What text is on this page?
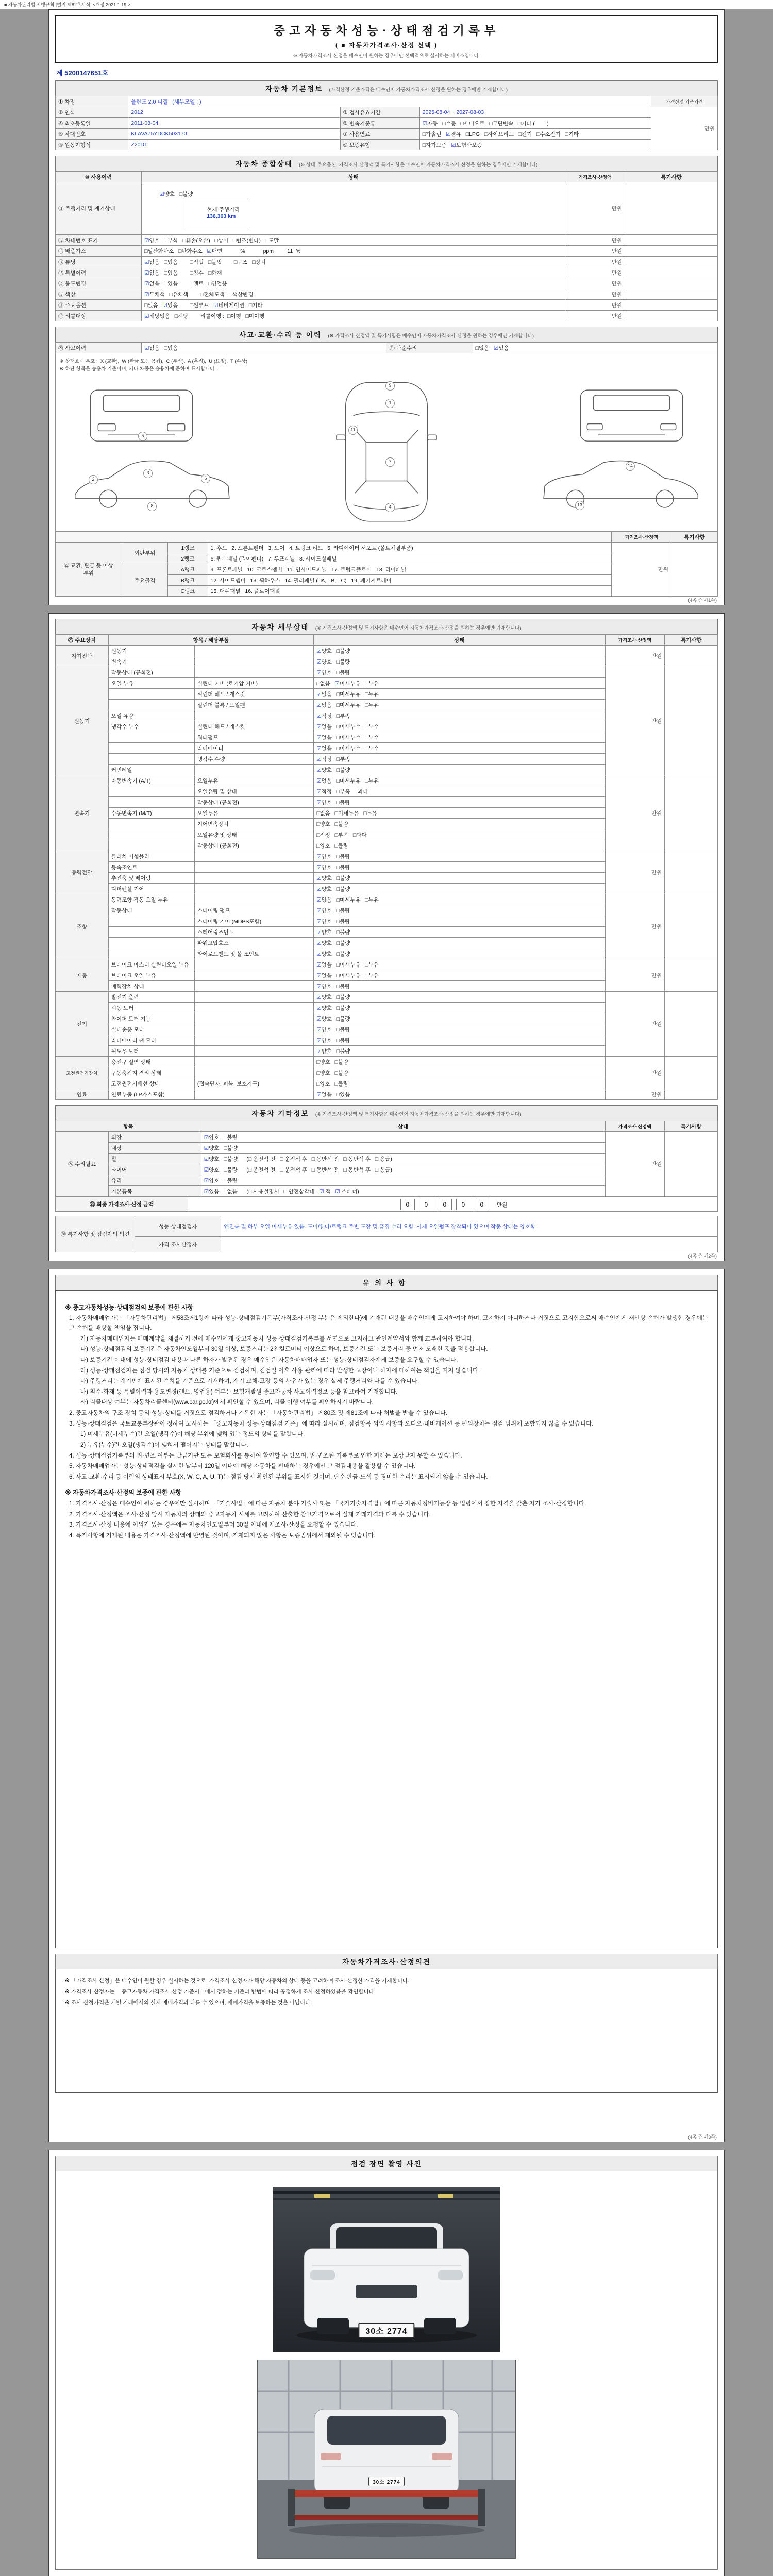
■ 자동차관리법 시행규칙 [별지 제82호서식] <개정 2021.1.19.>
중고자동차성능·상태점검기록부
( ■ 자동차가격조사·산정 선택 )
※ 자동차가격조사·산정은 매수인이 원하는 경우에만 선택적으로 실시하는 서비스입니다.
제 5200147651호
자동차 기본정보 (가격산정 기준가격은 매수인이 자동차가격조사·산정을 원하는 경우에만 기재합니다)
① 차명	올란도 2.0 디젤   (세부모델 : )			가격산정 기준가격
② 연식	2012	③ 검사유효기간	2025-08-04 ~ 2027-08-03	만원
④ 최초등록일	2011-08-04	⑤ 변속기종류	☑자동   □수동   □세미오토   □무단변속   □기타 (        )	
⑥ 차대번호	KLAVA75YDCK503170	⑦ 사용연료	□가솔린   ☑경유   □LPG   □하이브리드   □전기   □수소전기   □기타	
⑧ 원동기형식	Z20D1	⑨ 보증유형	□자가보증   ☑보험사보증	
자동차 종합상태 (※ 상태·주요옵션, 가격조사·산정액 및 특기사항은 매수인이 자동차가격조사·산정을 원하는 경우에만 기재합니다)
⑩ 사용이력	상태	가격조사·산정액	특기사항
⑪ 주행거리 및 계기상태	☑양호   □불량

현재 주행거리
136,363 km	만원	
⑫ 차대번호 표기	☑양호   □부식   □훼손(오손)   □상이   □변조(변타)   □도말	만원	
⑬ 배출가스	□일산화탄소   □탄화수소   ☑매연            %            ppm         11  %	만원	
⑭ 튜닝	☑없음   □있음        □적법   □불법        □구조   □장치	만원	
⑮ 특별이력	☑없음   □있음        □침수   □화재	만원	
⑯ 용도변경	☑없음   □있음        □렌트   □영업용	만원	
⑰ 색상	☑무채색   □유채색        □전체도색   □색상변경	만원	
⑱ 주요옵션	□없음   ☑있음        □썬루프   ☑네비게이션   □기타	만원	
⑲ 리콜대상	☑해당없음   □해당        리콜이행 :  □이행   □미이행	만원	
사고·교환·수리 등 이력 (※ 가격조사·산정액 및 특기사항은 매수인이 자동차가격조사·산정을 원하는 경우에만 기재합니다)
⑳ 사고이력	☑없음   □있음	㉑ 단순수리	□없음   ☑있음
※ 상태표시 부호 :  X (교환),  W (판금 또는 용접),  C (부식),  A (흠집),  U (요철),  T (손상)
※ 하단 항목은 승용차 기준이며, 기타 차종은 승용차에 준하여 표시합니다.
1
7
4
9
2
3
6
8
5
11
13
14
				가격조사·산정액	특기사항
㉒ 교환, 판금 등 이상 부위	외판부위	1랭크	1. 후드   2. 프론트펜더   3. 도어   4. 트렁크 리드   5. 라디에이터 서포트 (볼트체결부품)	만원	
		2랭크	6. 쿼터패널 (리어펜더)   7. 루프패널   8. 사이드실패널		
	주요골격	A랭크	9. 프론트패널   10. 크로스멤버   11. 인사이드패널   17. 트렁크플로어   18. 리어패널		
		B랭크	12. 사이드멤버   13. 휠하우스   14. 필러패널 (□A, □B, □C)   19. 패키지트레이		
		C랭크	15. 대쉬패널   16. 플로어패널		
(4쪽 중 제1쪽)
자동차 세부상태 (※ 가격조사·산정액 및 특기사항은 매수인이 자동차가격조사·산정을 원하는 경우에만 기재합니다)
㉓ 주요장치	항목 / 해당부품		상태	가격조사·산정액	특기사항
자기진단	원동기		☑양호   □불량	만원	
	변속기		☑양호   □불량		
원동기	작동상태 (공회전)		☑양호   □불량	만원	
	오일 누유	실린더 커버 (로커암 커버)	□없음   ☑미세누유   □누유		
		실린더 헤드 / 개스킷	☑없음   □미세누유   □누유		
		실린더 블록 / 오일팬	☑없음   □미세누유   □누유		
	오일 유량		☑적정   □부족		
	냉각수 누수	실린더 헤드 / 개스킷	☑없음   □미세누수   □누수		
		워터펌프	☑없음   □미세누수   □누수		
		라디에이터	☑없음   □미세누수   □누수		
		냉각수 수량	☑적정   □부족		
	커먼레일		☑양호   □불량		
변속기	자동변속기 (A/T)	오일누유	☑없음   □미세누유   □누유	만원	
		오일유량 및 상태	☑적정   □부족   □과다		
		작동상태 (공회전)	☑양호   □불량		
	수동변속기 (M/T)	오일누유	□없음   □미세누유   □누유		
		기어변속장치	□양호   □불량		
		오일유량 및 상태	□적정   □부족   □과다		
		작동상태 (공회전)	□양호   □불량		
동력전달	클러치 어셈블리		☑양호   □불량	만원	
	등속조인트		☑양호   □불량		
	추진축 및 베어링		☑양호   □불량		
	디퍼렌셜 기어		☑양호   □불량		
조향	동력조향 작동 오일 누유		☑없음   □미세누유   □누유	만원	
	작동상태	스티어링 펌프	☑양호   □불량		
		스티어링 기어 (MDPS포함)	☑양호   □불량		
		스티어링조인트	☑양호   □불량		
		파워고압호스	☑양호   □불량		
		타이로드엔드 및 볼 조인트	☑양호   □불량		
제동	브레이크 마스터 실린더오일 누유		☑없음   □미세누유   □누유	만원	
	브레이크 오일 누유		☑없음   □미세누유   □누유		
	배력장치 상태		☑양호   □불량		
전기	발전기 출력		☑양호   □불량	만원	
	시동 모터		☑양호   □불량		
	와이퍼 모터 기능		☑양호   □불량		
	실내송풍 모터		☑양호   □불량		
	라디에이터 팬 모터		☑양호   □불량		
	윈도우 모터		☑양호   □불량		
고전원전기장치	충전구 절연 상태		□양호   □불량	만원	
	구동축전지 격리 상태		□양호   □불량		
	고전원전기배선 상태	(접속단자, 피복, 보호기구)	□양호   □불량		
연료	연료누출 (LP가스포함)		☑없음   □있음	만원	
자동차 기타정보 (※ 가격조사·산정액 및 특기사항은 매수인이 자동차가격조사·산정을 원하는 경우에만 기재합니다)
항목		상태	가격조사·산정액	특기사항
㉔ 수리필요	외장	☑양호   □불량	만원	
	내장	☑양호   □불량		
	휠	☑양호   □불량      (□ 운전석 전   □ 운전석 후   □ 동반석 전   □ 동반석 후   □ 응급)		
	타이어	☑양호   □불량      (□ 운전석 전   □ 운전석 후   □ 동반석 전   □ 동반석 후   □ 응급)		
	유리	☑양호   □불량		
	기본품목	☑있음   □없음      (□ 사용설명서   □ 안전삼각대   ☑ 잭   ☑ 스패너)		
㉕ 최종 가격조사·산정 금액	0 0 0 0 0 만원
㉖ 특기사항 및 점검자의 의견	성능·상태점검자	엔진룸 및 하부 오일 미세누유 있음. 도어/휀다/트렁크 주변 도장 및 흠집 수리 요함. 사제 오일펌프 장착되어 있으며 작동 상태는 양호함.
	가격·조사산정자	
(4쪽 중 제2쪽)
유의사항
※ 중고자동차성능·상태점검의 보증에 관한 사항
1. 자동차매매업자는 「자동차관리법」 제58조제1항에 따라 성능·상태점검기록부(가격조사·산정 부분은 제외한다)에 기재된 내용을 매수인에게 고지하여야 하며, 고지하지 아니하거나 거짓으로 고지함으로써 매수인에게 재산상 손해가 발생한 경우에는 그 손해를 배상할 책임을 집니다.
가) 자동차매매업자는 매매계약을 체결하기 전에 매수인에게 중고자동차 성능·상태점검기록부를 서면으로 고지하고 관인계약서와 함께 교부하여야 합니다.
나) 성능·상태점검의 보증기간은 자동차인도일부터 30일 이상, 보증거리는 2천킬로미터 이상으로 하며, 보증기간 또는 보증거리 중 먼저 도래한 것을 적용합니다.
다) 보증기간 이내에 성능·상태점검 내용과 다른 하자가 발견된 경우 매수인은 자동차매매업자 또는 성능·상태점검자에게 보증을 요구할 수 있습니다.
라) 성능·상태점검자는 점검 당시의 자동차 상태를 기준으로 점검하며, 점검일 이후 사용·관리에 따라 발생한 고장이나 하자에 대하여는 책임을 지지 않습니다.
마) 주행거리는 계기판에 표시된 수치를 기준으로 기재하며, 계기 교체·고장 등의 사유가 있는 경우 실제 주행거리와 다를 수 있습니다.
바) 침수·화재 등 특별이력과 용도변경(렌트, 영업용) 여부는 보험개발원 중고자동차 사고이력정보 등을 참고하여 기재합니다.
사) 리콜대상 여부는 자동차리콜센터(www.car.go.kr)에서 확인할 수 있으며, 리콜 이행 여부를 확인하시기 바랍니다.
2. 중고자동차의 구조·장치 등의 성능·상태를 거짓으로 점검하거나 기록한 자는 「자동차관리법」 제80조 및 제81조에 따라 처벌을 받을 수 있습니다.
3. 성능·상태점검은 국토교통부장관이 정하여 고시하는 「중고자동차 성능·상태점검 기준」에 따라 실시하며, 점검항목 외의 사항과 오디오·내비게이션 등 편의장치는 점검 범위에 포함되지 않을 수 있습니다.
1) 미세누유(미세누수)란 오일(냉각수)이 해당 부위에 맺혀 있는 정도의 상태를 말합니다.
2) 누유(누수)란 오일(냉각수)이 맺혀서 떨어지는 상태를 말합니다.
4. 성능·상태점검기록부의 위·변조 여부는 발급기관 또는 보험회사를 통하여 확인할 수 있으며, 위·변조된 기록부로 인한 피해는 보상받지 못할 수 있습니다.
5. 자동차매매업자는 성능·상태점검을 실시한 날부터 120일 이내에 해당 자동차를 판매하는 경우에만 그 점검내용을 활용할 수 있습니다.
6. 사고·교환·수리 등 이력의 상태표시 부호(X, W, C, A, U, T)는 점검 당시 확인된 부위를 표시한 것이며, 단순 판금·도색 등 경미한 수리는 표시되지 않을 수 있습니다.
※ 자동차가격조사·산정의 보증에 관한 사항
1. 가격조사·산정은 매수인이 원하는 경우에만 실시하며, 「기술사법」에 따른 자동차 분야 기술사 또는 「국가기술자격법」에 따른 자동차정비기능장 등 법령에서 정한 자격을 갖춘 자가 조사·산정합니다.
2. 가격조사·산정액은 조사·산정 당시 자동차의 상태와 중고자동차 시세를 고려하여 산출한 참고가격으로서 실제 거래가격과 다를 수 있습니다.
3. 가격조사·산정 내용에 이의가 있는 경우에는 자동차인도일부터 30일 이내에 재조사·산정을 요청할 수 있습니다.
4. 특기사항에 기재된 내용은 가격조사·산정액에 반영된 것이며, 기재되지 않은 사항은 보증범위에서 제외될 수 있습니다.
자동차가격조사·산정의견
※ 「가격조사·산정」은 매수인이 원할 경우 실시하는 것으로, 가격조사·산정자가 해당 자동차의 상태 등을 고려하여 조사·산정한 가격을 기재합니다.
※ 가격조사·산정자는 「중고자동차 가격조사·산정 기준서」에서 정하는 기준과 방법에 따라 공정하게 조사·산정하였음을 확인합니다.
※ 조사·산정가격은 개별 거래에서의 실제 매매가격과 다를 수 있으며, 매매가격을 보증하는 것은 아닙니다.
(4쪽 중 제3쪽)
점검 장면 촬영 사진
30소 2774
30소 2774
